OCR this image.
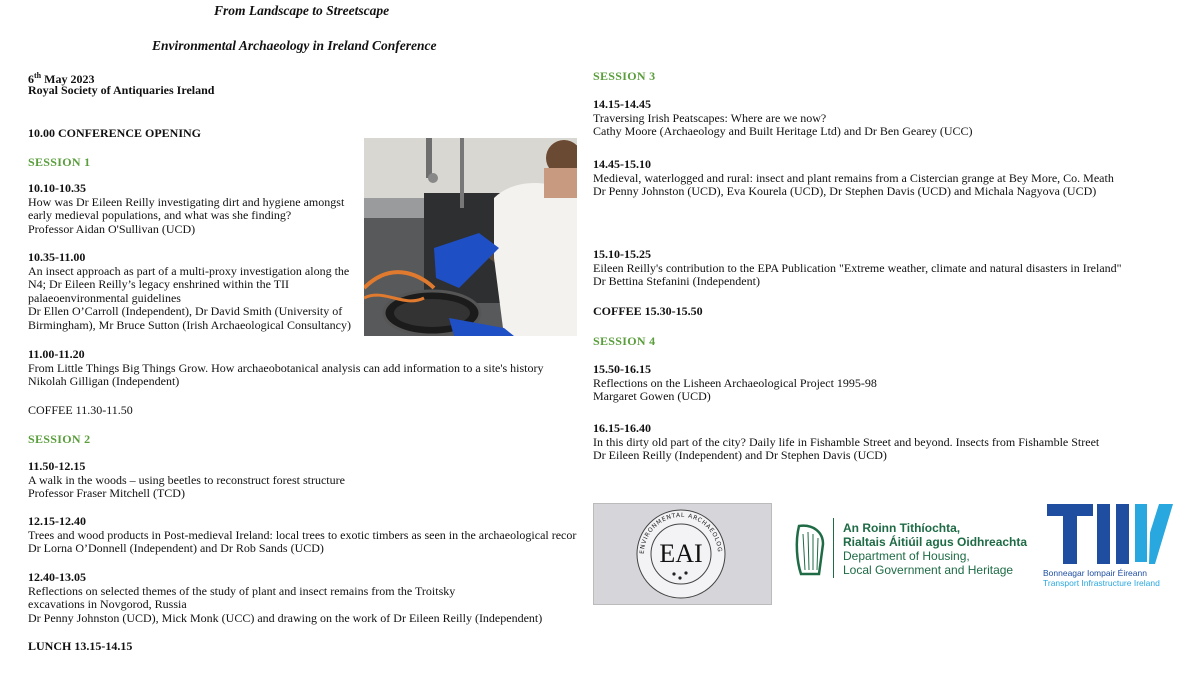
From Landscape to Streetscape
Environmental Archaeology in Ireland Conference
6th May 2023
Royal Society of Antiquaries Ireland
10.00 CONFERENCE OPENING
SESSION 1
10.10-10.35
How was Dr Eileen Reilly investigating dirt and hygiene amongst
early medieval populations, and what was she finding?
Professor Aidan O'Sullivan (UCD)
10.35-11.00
An insect approach as part of a multi-proxy investigation along the
N4; Dr Eileen Reilly’s legacy enshrined within the TII
palaeoenvironmental guidelines
Dr Ellen O’Carroll (Independent), Dr David Smith (University of
Birmingham), Mr Bruce Sutton (Irish Archaeological Consultancy)
11.00-11.20
From Little Things Big Things Grow. How archaeobotanical analysis can add information to a site's history
Nikolah Gilligan (Independent)
COFFEE 11.30-11.50
SESSION 2
11.50-12.15
A walk in the woods – using beetles to reconstruct forest structure
Professor Fraser Mitchell (TCD)
12.15-12.40
Trees and wood products in Post-medieval Ireland: local trees to exotic timbers as seen in the archaeological recor
Dr Lorna O’Donnell (Independent) and Dr Rob Sands (UCD)
12.40-13.05
Reflections on selected themes of the study of plant and insect remains from the Troitsky
excavations in Novgorod, Russia
Dr Penny Johnston (UCD), Mick Monk (UCC) and drawing on the work of Dr Eileen Reilly (Independent)
LUNCH 13.15-14.15
SESSION 3
14.15-14.45
Traversing Irish Peatscapes: Where are we now?
Cathy Moore (Archaeology and Built Heritage Ltd) and Dr Ben Gearey (UCC)
14.45-15.10
Medieval, waterlogged and rural: insect and plant remains from a Cistercian grange at Bey More, Co. Meath
Dr Penny Johnston (UCD), Eva Kourela (UCD), Dr Stephen Davis (UCD) and Michala Nagyova (UCD)
15.10-15.25
Eileen Reilly's contribution to the EPA Publication "Extreme weather, climate and natural disasters in Ireland"
Dr Bettina Stefanini (Independent)
COFFEE 15.30-15.50
SESSION 4
15.50-16.15
Reflections on the Lisheen Archaeological Project 1995-98
Margaret Gowen (UCD)
16.15-16.40
In this dirty old part of the city? Daily life in Fishamble Street and beyond. Insects from Fishamble Street
Dr Eileen Reilly (Independent) and Dr Stephen Davis (UCD)
ENVIRONMENTAL ARCHAEOLOG
EAI
An Roinn Tithíochta,
Rialtais Áitiúil agus Oidhreachta
Department of Housing,
Local Government and Heritage	Bonneagar Iompair Éireann
Transport Infrastructure Ireland
